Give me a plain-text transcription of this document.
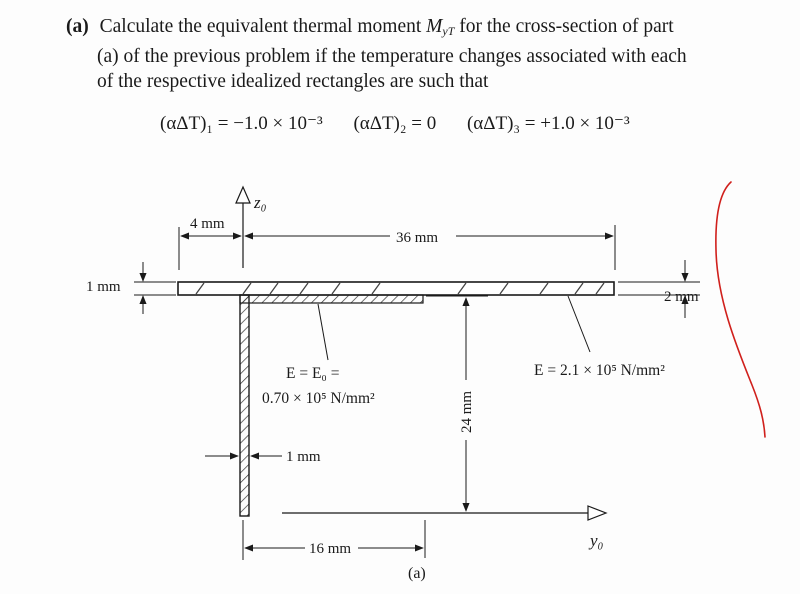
(a) Calculate the equivalent thermal moment $M_{yT}$ for the cross-section of part
(a) of the previous problem if the temperature changes associated with each
of the respective idealized rectangles are such that
(αΔT)₁ = −1.0 × 10⁻³ (αΔT)₂ = 0 (αΔT)₃ = +1.0 × 10⁻³
z₀
y₀
4 mm
36 mm
1 mm
2 mm
24 mm
1 mm
16 mm
E = E₀ =
0.70 × 10⁵ N/mm²
E = 2.1 × 10⁵ N/mm²
(a)
